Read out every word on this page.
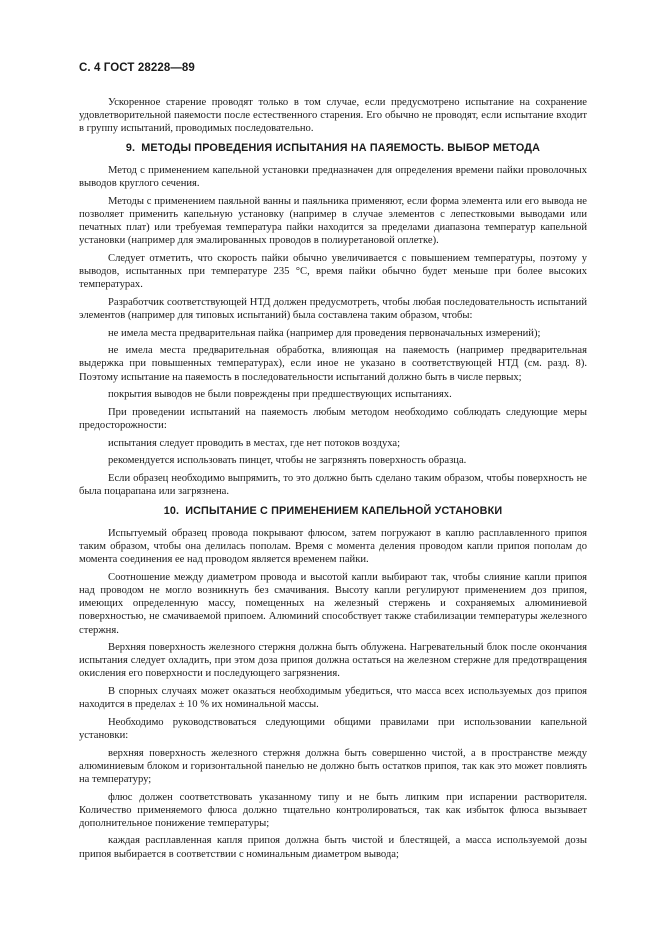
С. 4 ГОСТ 28228—89

Ускоренное старение проводят только в том случае, если предусмотрено испытание на сохранение удовлетворительной паяемости после естественного старения. Его обычно не проводят, если испытание входит в группу испытаний, проводимых последовательно.

9. МЕТОДЫ ПРОВЕДЕНИЯ ИСПЫТАНИЯ НА ПАЯЕМОСТЬ. ВЫБОР МЕТОДА

Метод с применением капельной установки предназначен для определения времени пайки проволочных выводов круглого сечения.

Методы с применением паяльной ванны и паяльника применяют, если форма элемента или его вывода не позволяет применить капельную установку (например в случае элементов с лепестковыми выводами или печатных плат) или требуемая температура пайки находится за пределами диапазона температур капельной установки (например для эмалированных проводов в полиуретановой оплетке).

Следует отметить, что скорость пайки обычно увеличивается с повышением температуры, поэтому у выводов, испытанных при температуре 235 °С, время пайки обычно будет меньше при более высоких температурах.

Разработчик соответствующей НТД должен предусмотреть, чтобы любая последовательность испытаний элементов (например для типовых испытаний) была составлена таким образом, чтобы:

не имела места предварительная пайка (например для проведения первоначальных измерений);

не имела места предварительная обработка, влияющая на паяемость (например предварительная выдержка при повышенных температурах), если иное не указано в соответствующей НТД (см. разд. 8). Поэтому испытание на паяемость в последовательности испытаний должно быть в числе первых;

покрытия выводов не были повреждены при предшествующих испытаниях.

При проведении испытаний на паяемость любым методом необходимо соблюдать следующие меры предосторожности:

испытания следует проводить в местах, где нет потоков воздуха;

рекомендуется использовать пинцет, чтобы не загрязнять поверхность образца.

Если образец необходимо выпрямить, то это должно быть сделано таким образом, чтобы поверхность не была поцарапана или загрязнена.

10. ИСПЫТАНИЕ С ПРИМЕНЕНИЕМ КАПЕЛЬНОЙ УСТАНОВКИ

Испытуемый образец провода покрывают флюсом, затем погружают в каплю расплавленного припоя таким образом, чтобы она делилась пополам. Время с момента деления проводом капли припоя пополам до момента соединения ее над проводом является временем пайки.

Соотношение между диаметром провода и высотой капли выбирают так, чтобы слияние капли припоя над проводом не могло возникнуть без смачивания. Высоту капли регулируют применением доз припоя, имеющих определенную массу, помещенных на железный стержень и сохраняемых алюминиевой поверхностью, не смачиваемой припоем. Алюминий способствует также стабилизации температуры железного стержня.

Верхняя поверхность железного стержня должна быть облужена. Нагревательный блок после окончания испытания следует охладить, при этом доза припоя должна остаться на железном стержне для предотвращения окисления его поверхности и последующего загрязнения.

В спорных случаях может оказаться необходимым убедиться, что масса всех используемых доз припоя находится в пределах ± 10 % их номинальной массы.

Необходимо руководствоваться следующими общими правилами при использовании капельной установки:

верхняя поверхность железного стержня должна быть совершенно чистой, а в пространстве между алюминиевым блоком и горизонтальной панелью не должно быть остатков припоя, так как это может повлиять на температуру;

флюс должен соответствовать указанному типу и не быть липким при испарении растворителя. Количество применяемого флюса должно тщательно контролироваться, так как избыток флюса вызывает дополнительное понижение температуры;

каждая расплавленная капля припоя должна быть чистой и блестящей, а масса используемой дозы припоя выбирается в соответствии с номинальным диаметром вывода;
